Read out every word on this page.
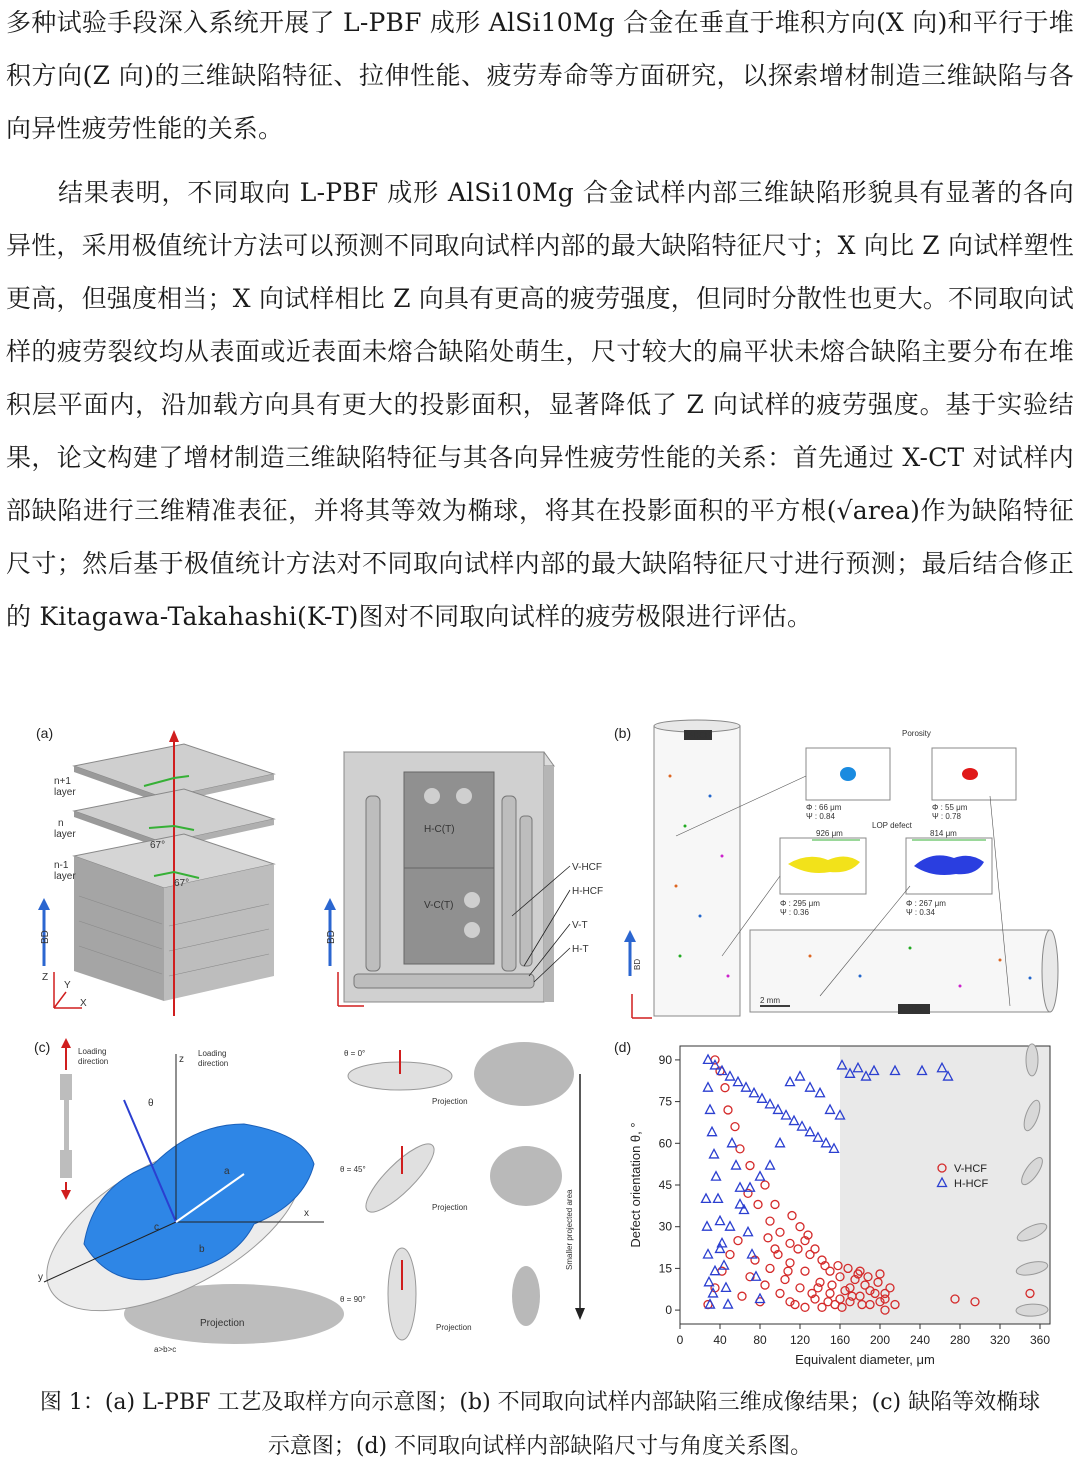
多种试验手段深入系统开展了 L-PBF 成形 AlSi10Mg 合金在垂直于堆积方向(X 向)和平行于堆积方向(Z 向)的三维缺陷特征、拉伸性能、疲劳寿命等方面研究，以探索增材制造三维缺陷与各向异性疲劳性能的关系。

结果表明，不同取向 L-PBF 成形 AlSi10Mg 合金试样内部三维缺陷形貌具有显著的各向异性，采用极值统计方法可以预测不同取向试样内部的最大缺陷特征尺寸；X 向比 Z 向试样塑性更高，但强度相当；X 向试样相比 Z 向具有更高的疲劳强度，但同时分散性也更大。不同取向试样的疲劳裂纹均从表面或近表面未熔合缺陷处萌生，尺寸较大的扁平状未熔合缺陷主要分布在堆积层平面内，沿加载方向具有更大的投影面积，显著降低了 Z 向试样的疲劳强度。基于实验结果，论文构建了增材制造三维缺陷特征与其各向异性疲劳性能的关系：首先通过 X-CT 对试样内部缺陷进行三维精准表征，并将其等效为椭球，将其在投影面积的平方根(√area)作为缺陷特征尺寸；然后基于极值统计方法对不同取向试样内部的最大缺陷特征尺寸进行预测；最后结合修正的 Kitagawa-Takahashi(K-T)图对不同取向试样的疲劳极限进行评估。

(a)
n+1
layer
n
layer
n-1
layer
67°
67°
BD
Z
Y
X
H-C(T)
V-C(T)
V-HCF
H-HCF
V-T
H-T
BD
(b)	V-HCF
H-HCF
2 mm
Porosity
LOP defect
Φ : 66 μm
Ψ : 0.84
Φ : 55 μm
Ψ : 0.78
Φ : 295 μm
Ψ : 0.36
926 μm
Φ : 267 μm
Ψ : 0.34
814 μm
BD
(c)	Loading
direction
Loading
direction
z
x
y
a
b
c
θ
Projection
a>b>c
θ = 0°
Projection
θ = 45°
Projection
θ = 90°
Projection
Smaller projected area
(d)
0 40 80 120 160 200 240 280 320 360
0
15
30
45
60
75
90
Equivalent diameter, μm
Defect orientation θ, °	V-HCF
H-HCF
图 1：(a) L-PBF 工艺及取样方向示意图；(b) 不同取向试样内部缺陷三维成像结果；(c) 缺陷等效椭球
示意图；(d) 不同取向试样内部缺陷尺寸与角度关系图。
